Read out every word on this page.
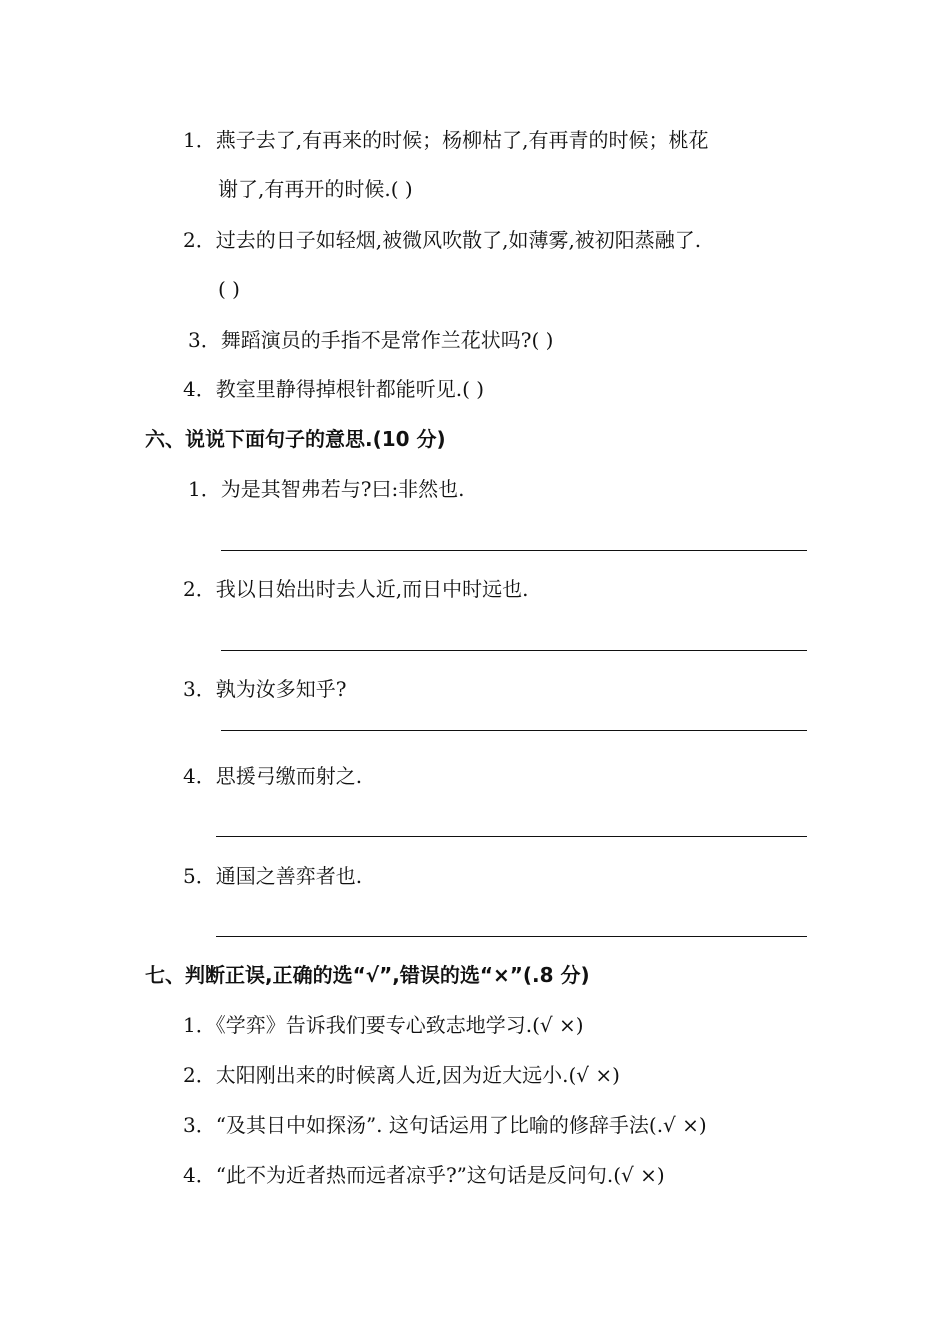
1．燕子去了,有再来的时候；杨柳枯了,有再青的时候；桃花
谢了,有再开的时候.( )
2．过去的日子如轻烟,被微风吹散了,如薄雾,被初阳蒸融了.
( )
3．舞蹈演员的手指不是常作兰花状吗?( )
4．教室里静得掉根针都能听见.( )
六、说说下面句子的意思.(10 分)
1．为是其智弗若与?曰:非然也.
2．我以日始出时去人近,而日中时远也.
3．孰为汝多知乎?
4．思援弓缴而射之.
5．通国之善弈者也.
七、判断正误,正确的选“√”,错误的选“×”(.8 分)
1．《学弈》告诉我们要专心致志地学习.(√ ×)
2．太阳刚出来的时候离人近,因为近大远小.(√ ×)
3．“及其日中如探汤”. 这句话运用了比喻的修辞手法(.√ ×)
4．“此不为近者热而远者凉乎?”这句话是反问句.(√ ×)
